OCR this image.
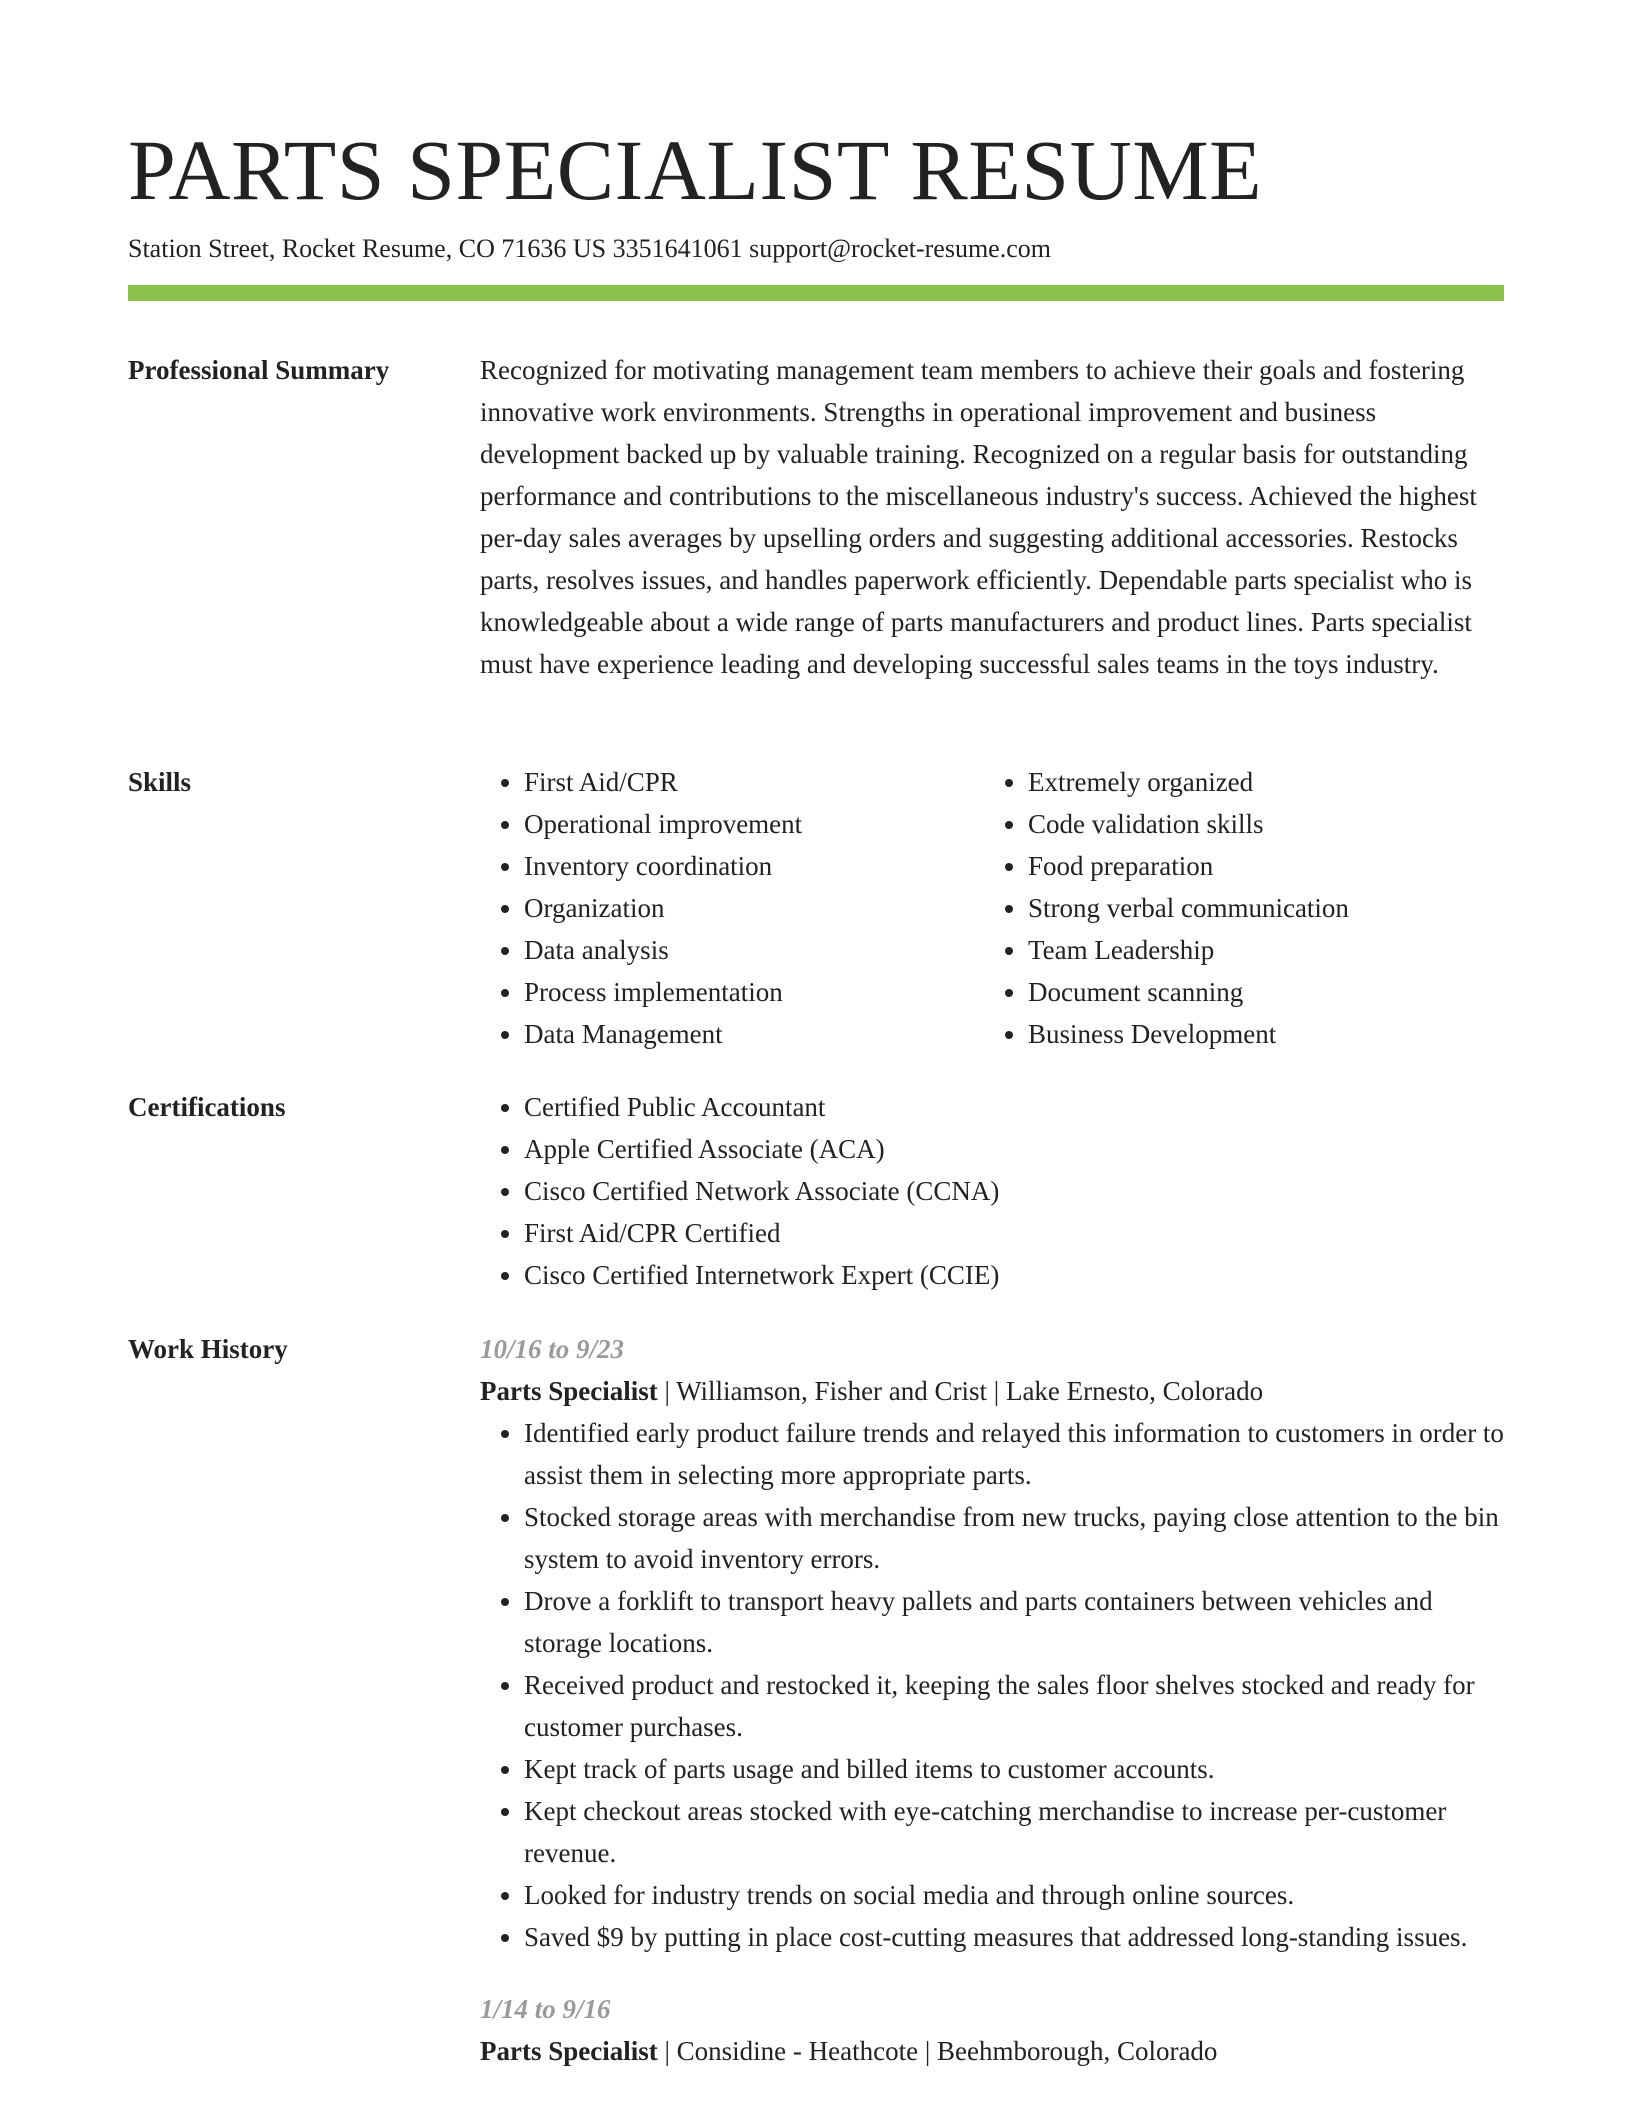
PARTS SPECIALIST RESUME
Station Street, Rocket Resume, CO 71636 US 3351641061 support@rocket-resume.com
Professional Summary	Recognized for motivating management team members to achieve their goals and fostering innovative work environments. Strengths in operational improvement and business development backed up by valuable training. Recognized on a regular basis for outstanding performance and contributions to the miscellaneous industry's success. Achieved the highest per-day sales averages by upselling orders and suggesting additional accessories. Restocks parts, resolves issues, and handles paperwork efficiently. Dependable parts specialist who is knowledgeable about a wide range of parts manufacturers and product lines. Parts specialist must have experience leading and developing successful sales teams in the toys industry.

Skills	• First Aid/CPR
• Operational improvement
• Inventory coordination
• Organization
• Data analysis
• Process implementation
• Data Management
• Extremely organized
• Code validation skills
• Food preparation
• Strong verbal communication
• Team Leadership
• Document scanning
• Business Development
Certifications	• Certified Public Accountant
• Apple Certified Associate (ACA)
• Cisco Certified Network Associate (CCNA)
• First Aid/CPR Certified
• Cisco Certified Internetwork Expert (CCIE)
Work History	10/16 to 9/23
Parts Specialist | Williamson, Fisher and Crist | Lake Ernesto, Colorado
• Identified early product failure trends and relayed this information to customers in order to assist them in selecting more appropriate parts.
• Stocked storage areas with merchandise from new trucks, paying close attention to the bin system to avoid inventory errors.
• Drove a forklift to transport heavy pallets and parts containers between vehicles and storage locations.
• Received product and restocked it, keeping the sales floor shelves stocked and ready for customer purchases.
• Kept track of parts usage and billed items to customer accounts.
• Kept checkout areas stocked with eye-catching merchandise to increase per-customer revenue.
• Looked for industry trends on social media and through online sources.
• Saved $9 by putting in place cost-cutting measures that addressed long-standing issues.
1/14 to 9/16
Parts Specialist | Considine - Heathcote | Beehmborough, Colorado
